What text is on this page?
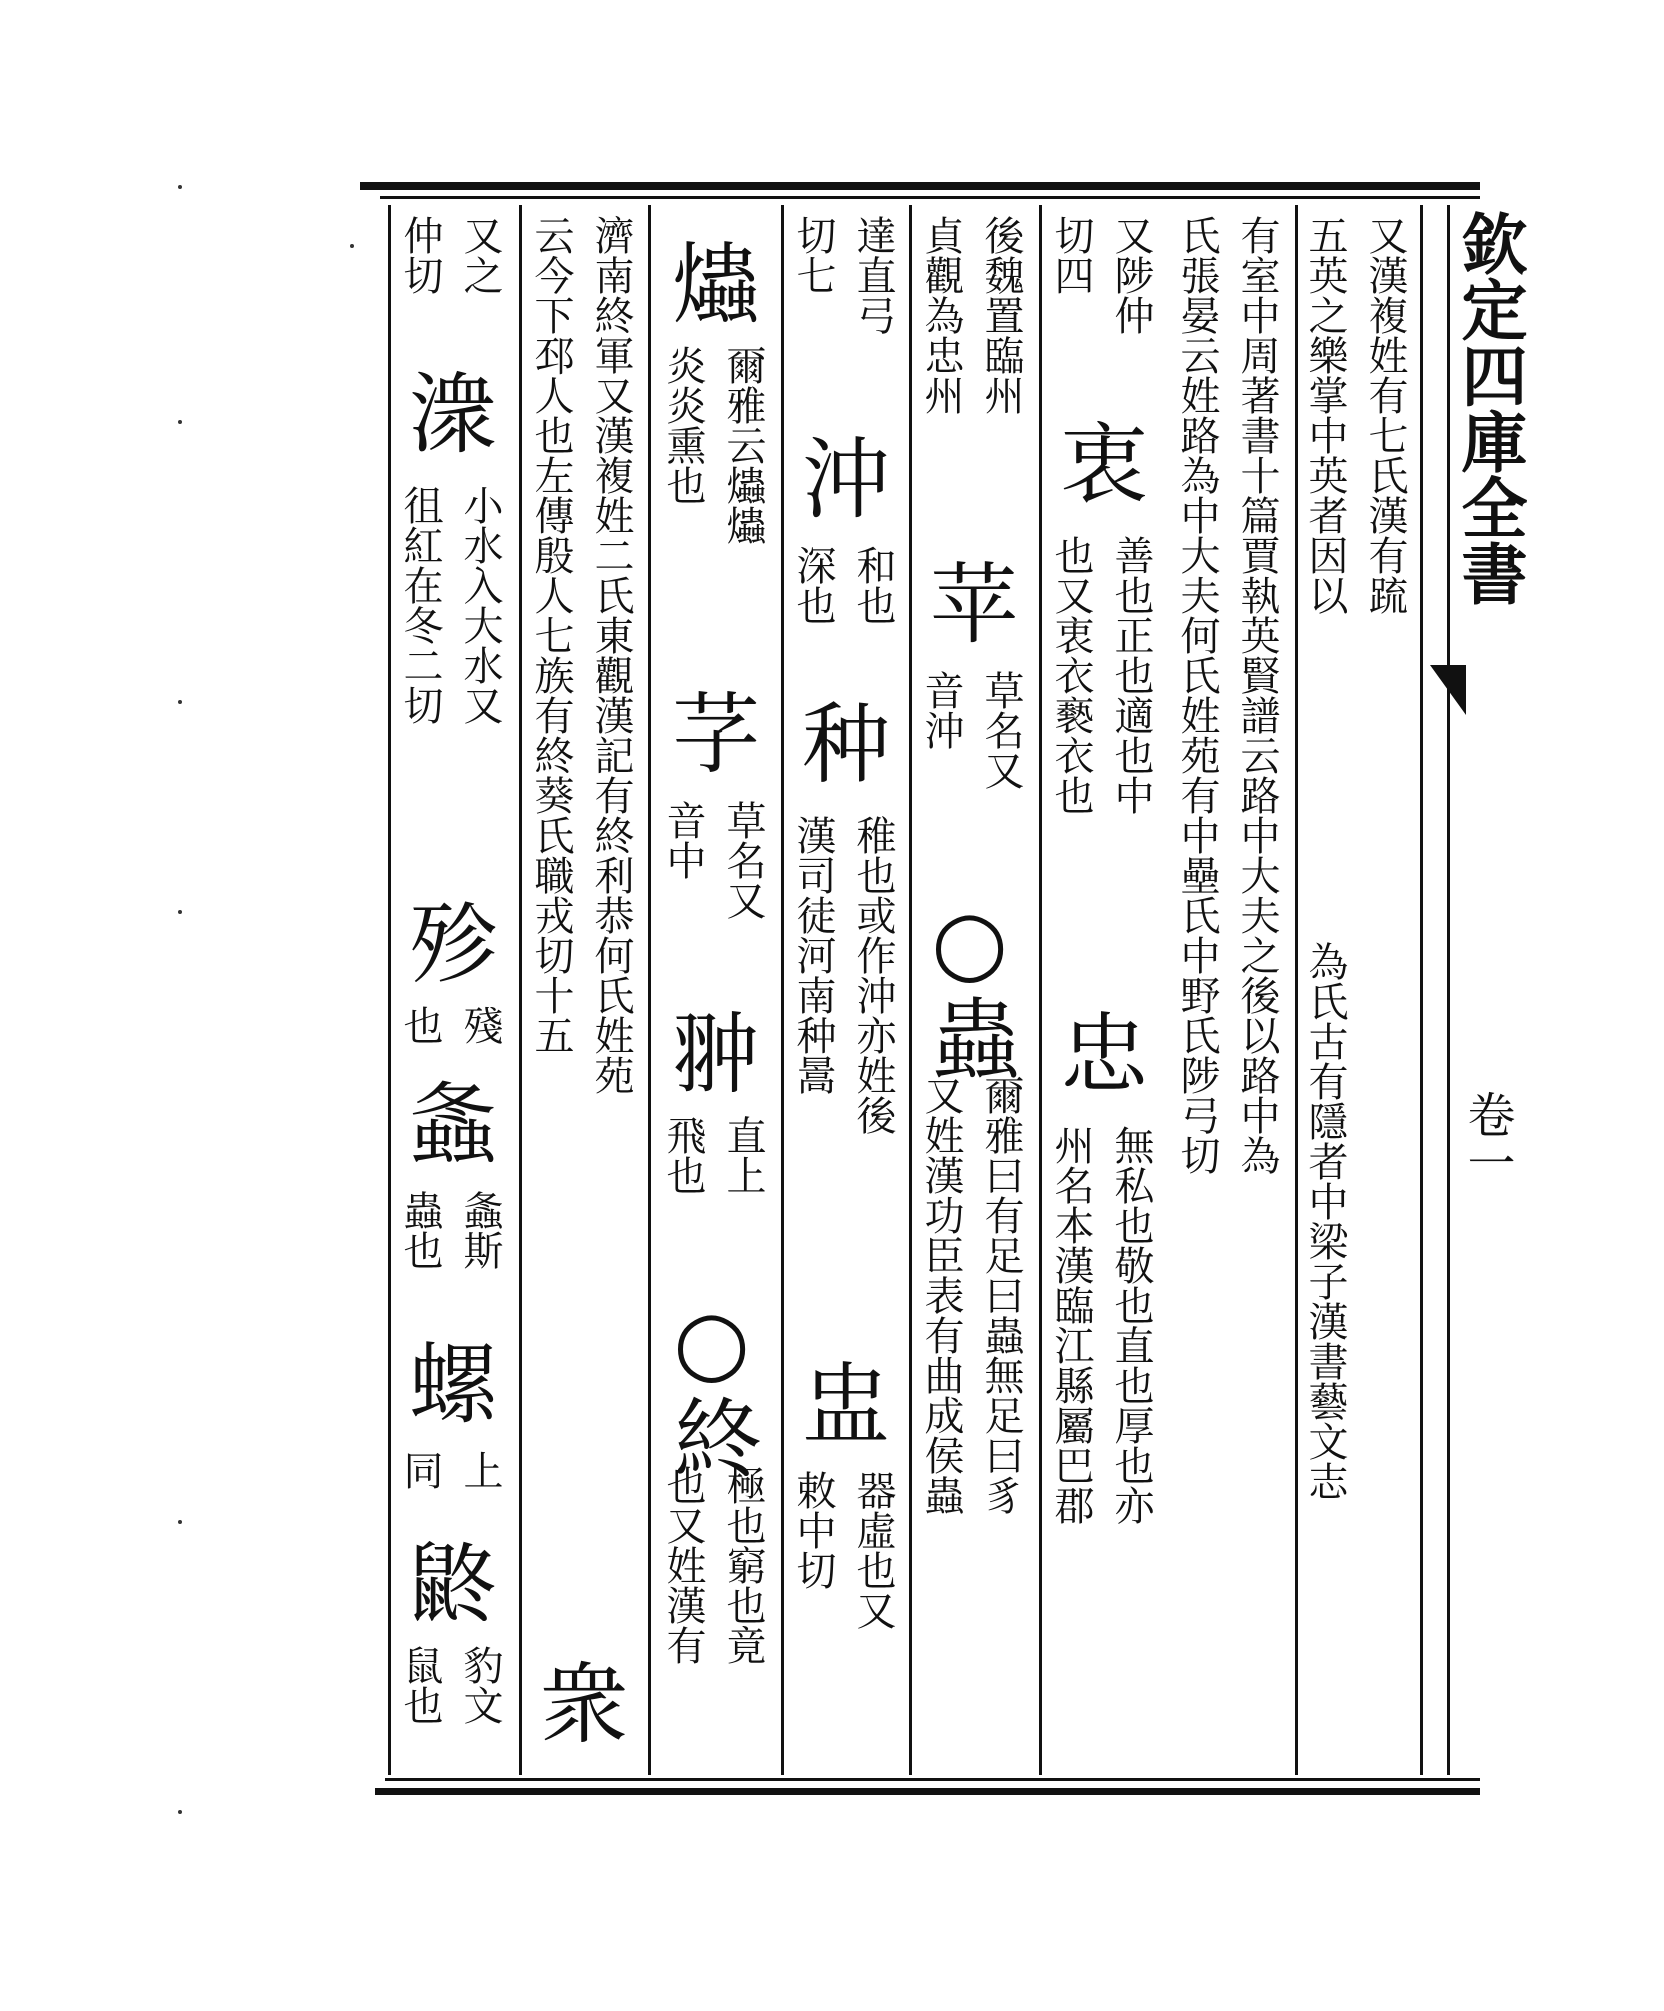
欽定四庫全書
卷一
又漢複姓有七氏漢有䟽
五英之樂掌中英者因以
為氏古有隱者中梁子漢書藝文志
有室中周著書十篇賈執英賢譜云路中大夫之後以路中為
氏張晏云姓路為中大夫何氏姓苑有中壘氏中野氏陟弓切
又陟仲
切四
衷
善也正也適也中
也又衷衣褻衣也
忠
無私也敬也直也厚也亦
州名本漢臨江縣屬巴郡
後魏置臨州
貞觀為忠州
苹
草名又
音沖
○蟲
爾雅曰有足曰蟲無足曰豸
又姓漢功臣表有曲成侯蟲
達直弓
切七
沖
和也
深也
种
稚也或作沖亦姓後
漢司徒河南种暠
盅
器虛也又
敕中切
爞
爾雅云爞爞
炎炎熏也
芓
草名又
音中
翀
直上
飛也
○終
極也窮也竟
也又姓漢有
濟南終軍又漢複姓二氏東觀漢記有終利恭何氏姓苑
云今下邳人也左傳殷人七族有終葵氏職戎切十五
衆
又之
仲切
潨
小水入大水又
徂紅在冬二切
殄
殘
也
螽
螽斯
蟲也
螺
上
同
鼨
豹文
鼠也
